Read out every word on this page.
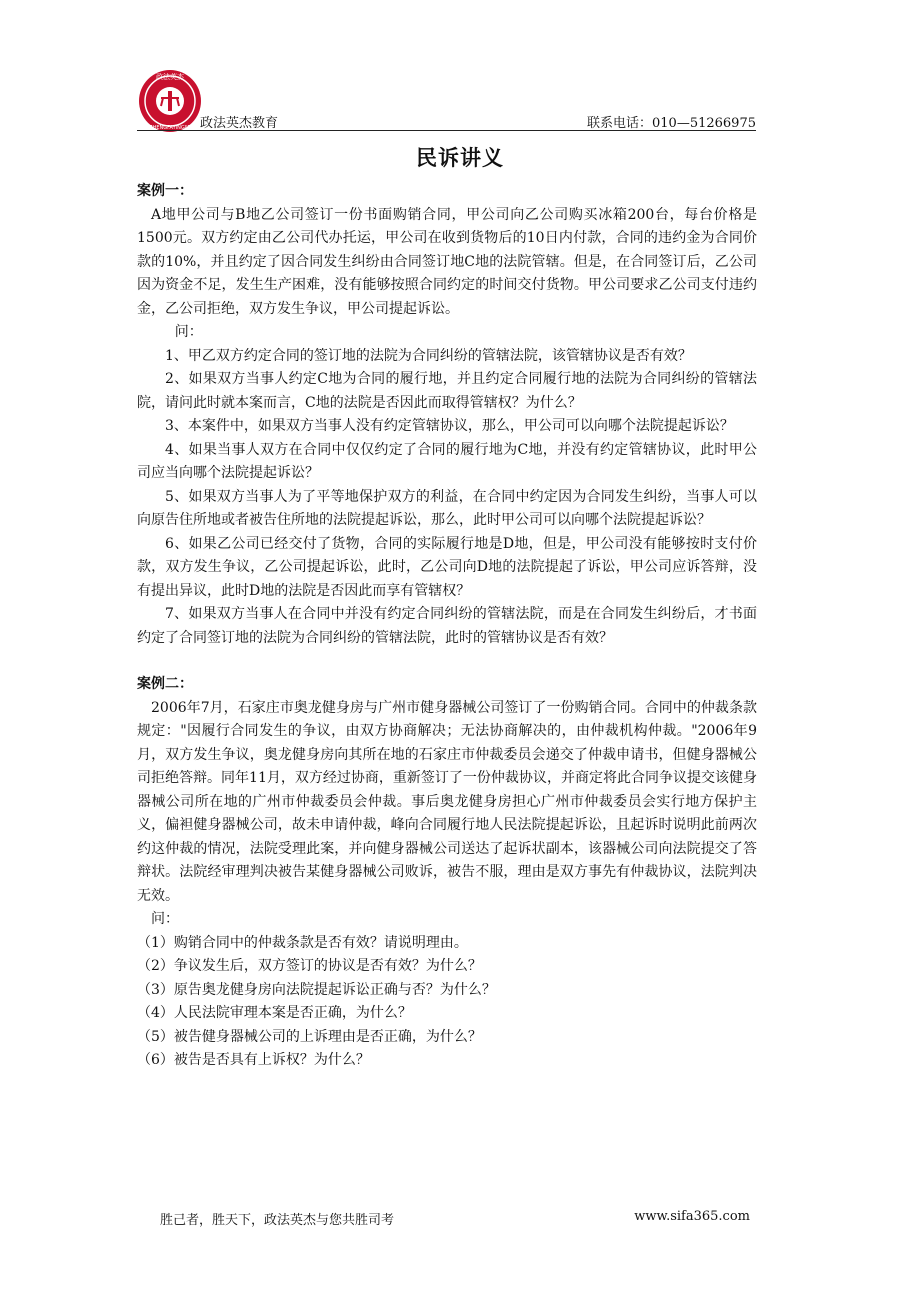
政法英杰
ZHENGFAYINGJIE 政法英杰教育	联系电话：010—51266975
民诉讲义

案例一：

A地甲公司与B地乙公司签订一份书面购销合同，甲公司向乙公司购买冰箱200台，每台价格是1500元。双方约定由乙公司代办托运，甲公司在收到货物后的10日内付款，合同的违约金为合同价款的10%，并且约定了因合同发生纠纷由合同签订地C地的法院管辖。但是，在合同签订后，乙公司因为资金不足，发生生产困难，没有能够按照合同约定的时间交付货物。甲公司要求乙公司支付违约金，乙公司拒绝，双方发生争议，甲公司提起诉讼。

问：

1、甲乙双方约定合同的签订地的法院为合同纠纷的管辖法院，该管辖协议是否有效？

2、如果双方当事人约定C地为合同的履行地，并且约定合同履行地的法院为合同纠纷的管辖法院，请问此时就本案而言，C地的法院是否因此而取得管辖权？为什么？

3、本案件中，如果双方当事人没有约定管辖协议，那么，甲公司可以向哪个法院提起诉讼？

4、如果当事人双方在合同中仅仅约定了合同的履行地为C地，并没有约定管辖协议，此时甲公司应当向哪个法院提起诉讼？

5、如果双方当事人为了平等地保护双方的利益，在合同中约定因为合同发生纠纷，当事人可以向原告住所地或者被告住所地的法院提起诉讼，那么，此时甲公司可以向哪个法院提起诉讼？

6、如果乙公司已经交付了货物，合同的实际履行地是D地，但是，甲公司没有能够按时支付价款，双方发生争议，乙公司提起诉讼，此时，乙公司向D地的法院提起了诉讼，甲公司应诉答辩，没有提出异议，此时D地的法院是否因此而享有管辖权？

7、如果双方当事人在合同中并没有约定合同纠纷的管辖法院，而是在合同发生纠纷后，才书面约定了合同签订地的法院为合同纠纷的管辖法院，此时的管辖协议是否有效？

案例二：

2006年7月，石家庄市奥龙健身房与广州市健身器械公司签订了一份购销合同。合同中的仲裁条款规定："因履行合同发生的争议，由双方协商解决；无法协商解决的，由仲裁机构仲裁。"2006年9月，双方发生争议，奥龙健身房向其所在地的石家庄市仲裁委员会递交了仲裁申请书，但健身器械公司拒绝答辩。同年11月，双方经过协商，重新签订了一份仲裁协议，并商定将此合同争议提交该健身器械公司所在地的广州市仲裁委员会仲裁。事后奥龙健身房担心广州市仲裁委员会实行地方保护主义，偏袒健身器械公司，故未申请仲裁，峰向合同履行地人民法院提起诉讼，且起诉时说明此前两次约这仲裁的情况，法院受理此案，并向健身器械公司送达了起诉状副本，该器械公司向法院提交了答辩状。法院经审理判决被告某健身器械公司败诉，被告不服，理由是双方事先有仲裁协议，法院判决无效。

问：

（1）购销合同中的仲裁条款是否有效？请说明理由。

（2）争议发生后，双方签订的协议是否有效？为什么？

（3）原告奥龙健身房向法院提起诉讼正确与否？为什么？

（4）人民法院审理本案是否正确，为什么？

（5）被告健身器械公司的上诉理由是否正确，为什么？

（6）被告是否具有上诉权？为什么？

胜己者，胜天下，政法英杰与您共胜司考	www.sifa365.com
